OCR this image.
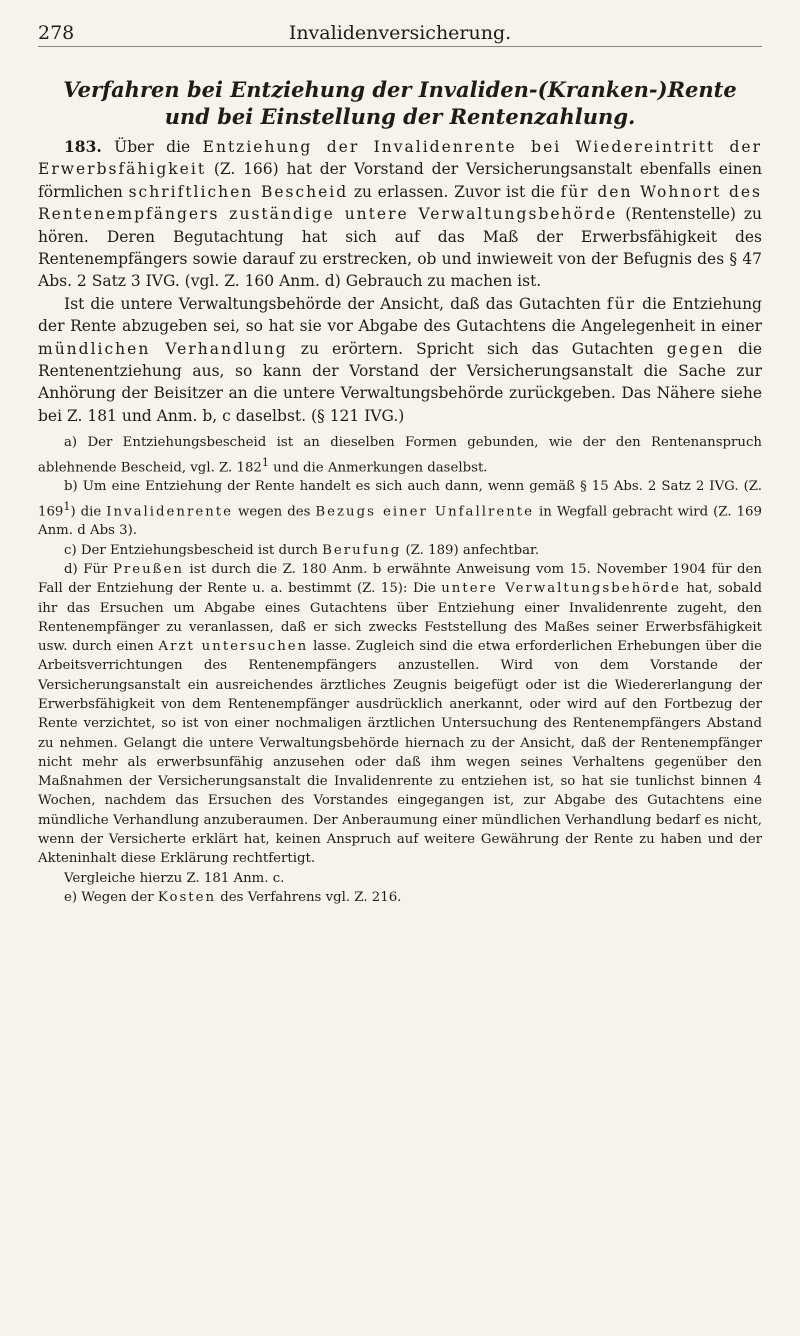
278	Invalidenversicherung.
Verfahren bei Entziehung der Invaliden-(Kranken-)Rente und bei Einstellung der Rentenzahlung.

183. Über die Entziehung der Invalidenrente bei Wiedereintritt der Erwerbsfähigkeit (Z. 166) hat der Vorstand der Versicherungsanstalt ebenfalls einen förmlichen schriftlichen Bescheid zu erlassen. Zuvor ist die für den Wohnort des Rentenempfängers zuständige untere Verwaltungsbehörde (Rentenstelle) zu hören. Deren Begutachtung hat sich auf das Maß der Erwerbsfähigkeit des Rentenempfängers sowie darauf zu erstrecken, ob und inwieweit von der Befugnis des § 47 Abs. 2 Satz 3 IVG. (vgl. Z. 160 Anm. d) Gebrauch zu machen ist.

Ist die untere Verwaltungsbehörde der Ansicht, daß das Gutachten für die Entziehung der Rente abzugeben sei, so hat sie vor Abgabe des Gutachtens die Angelegenheit in einer mündlichen Verhandlung zu erörtern. Spricht sich das Gutachten gegen die Rentenentziehung aus, so kann der Vorstand der Versicherungsanstalt die Sache zur Anhörung der Beisitzer an die untere Verwaltungsbehörde zurückgeben. Das Nähere siehe bei Z. 181 und Anm. b, c daselbst. (§ 121 IVG.)

a) Der Entziehungsbescheid ist an dieselben Formen gebunden, wie der den Rentenanspruch ablehnende Bescheid, vgl. Z. $182^1$ und die Anmerkungen daselbst.

b) Um eine Entziehung der Rente handelt es sich auch dann, wenn gemäß § 15 Abs. 2 Satz 2 IVG. (Z. $169^1$) die Invalidenrente wegen des Bezugs einer Unfallrente in Wegfall gebracht wird (Z. 169 Anm. d Abs 3).

c) Der Entziehungsbescheid ist durch Berufung (Z. 189) anfechtbar.

d) Für Preußen ist durch die Z. 180 Anm. b erwähnte Anweisung vom 15. November 1904 für den Fall der Entziehung der Rente u. a. bestimmt (Z. 15): Die untere Verwaltungsbehörde hat, sobald ihr das Ersuchen um Abgabe eines Gutachtens über Entziehung einer Invalidenrente zugeht, den Rentenempfänger zu veranlassen, daß er sich zwecks Feststellung des Maßes seiner Erwerbsfähigkeit usw. durch einen Arzt untersuchen lasse. Zugleich sind die etwa erforderlichen Erhebungen über die Arbeitsverrichtungen des Rentenempfängers anzustellen. Wird von dem Vorstande der Versicherungsanstalt ein ausreichendes ärztliches Zeugnis beigefügt oder ist die Wiedererlangung der Erwerbsfähigkeit von dem Rentenempfänger ausdrücklich anerkannt, oder wird auf den Fortbezug der Rente verzichtet, so ist von einer nochmaligen ärztlichen Untersuchung des Rentenempfängers Abstand zu nehmen. Gelangt die untere Verwaltungsbehörde hiernach zu der Ansicht, daß der Rentenempfänger nicht mehr als erwerbsunfähig anzusehen oder daß ihm wegen seines Verhaltens gegenüber den Maßnahmen der Versicherungsanstalt die Invalidenrente zu entziehen ist, so hat sie tunlichst binnen 4 Wochen, nachdem das Ersuchen des Vorstandes eingegangen ist, zur Abgabe des Gutachtens eine mündliche Verhandlung anzuberaumen. Der Anberaumung einer mündlichen Verhandlung bedarf es nicht, wenn der Versicherte erklärt hat, keinen Anspruch auf weitere Gewährung der Rente zu haben und der Akteninhalt diese Erklärung rechtfertigt.

Vergleiche hierzu Z. 181 Anm. c.

e) Wegen der Kosten des Verfahrens vgl. Z. 216.
